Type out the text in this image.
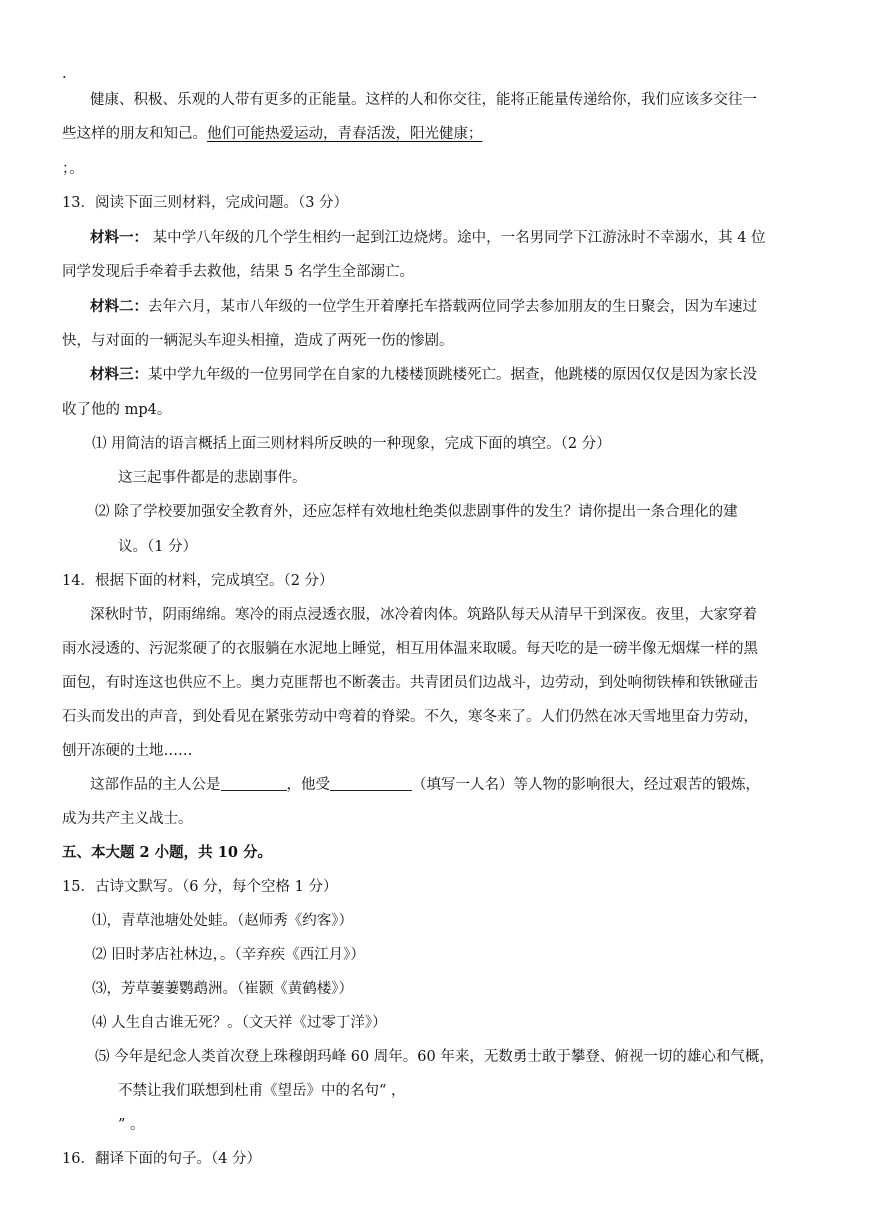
.
健康、积极、乐观的人带有更多的正能量。这样的人和你交往，能将正能量传递给你，我们应该多交往一
些这样的朋友和知己。他们可能热爱运动，青春活泼，阳光健康；
；。
13．阅读下面三则材料，完成问题。（3 分）
材料一： 某中学八年级的几个学生相约一起到江边烧烤。途中，一名男同学下江游泳时不幸溺水，其 4 位
同学发现后手牵着手去救他，结果 5 名学生全部溺亡。
材料二：去年六月，某市八年级的一位学生开着摩托车搭载两位同学去参加朋友的生日聚会，因为车速过
快，与对面的一辆泥头车迎头相撞，造成了两死一伤的惨剧。
材料三：某中学九年级的一位男同学在自家的九楼楼顶跳楼死亡。据查，他跳楼的原因仅仅是因为家长没
收了他的 mp4。
⑴ 用简洁的语言概括上面三则材料所反映的一种现象，完成下面的填空。（2 分）
这三起事件都是的悲剧事件。
⑵ 除了学校要加强安全教育外，还应怎样有效地杜绝类似悲剧事件的发生？请你提出一条合理化的建
议。（1 分）
14．根据下面的材料，完成填空。（2 分）
深秋时节，阴雨绵绵。寒冷的雨点浸透衣服，冰冷着肉体。筑路队每天从清早干到深夜。夜里，大家穿着
雨水浸透的、污泥浆硬了的衣服躺在水泥地上睡觉，相互用体温来取暖。每天吃的是一磅半像无烟煤一样的黑
面包，有时连这也供应不上。奥力克匪帮也不断袭击。共青团员们边战斗，边劳动，到处响彻铁棒和铁锹碰击
石头而发出的声音，到处看见在紧张劳动中弯着的脊梁。不久，寒冬来了。人们仍然在冰天雪地里奋力劳动，
刨开冻硬的土地……
这部作品的主人公是	，他受	（填写一人名）等人物的影响很大，经过艰苦的锻炼，
成为共产主义战士。
五、本大题 2 小题，共 10 分。
15．古诗文默写。（6 分，每个空格 1 分）
⑴，青草池塘处处蛙。（赵师秀《约客》）
⑵ 旧时茅店社林边，。（辛弃疾《西江月》）
⑶，芳草萋萋鹦鹉洲。（崔颢《黄鹤楼》）
⑷ 人生自古谁无死？。（文天祥《过零丁洋》）
⑸ 今年是纪念人类首次登上珠穆朗玛峰 60 周年。60 年来，无数勇士敢于攀登、俯视一切的雄心和气概，
不禁让我们联想到杜甫《望岳》中的名句“ ，
” 。
16．翻译下面的句子。（4 分）
